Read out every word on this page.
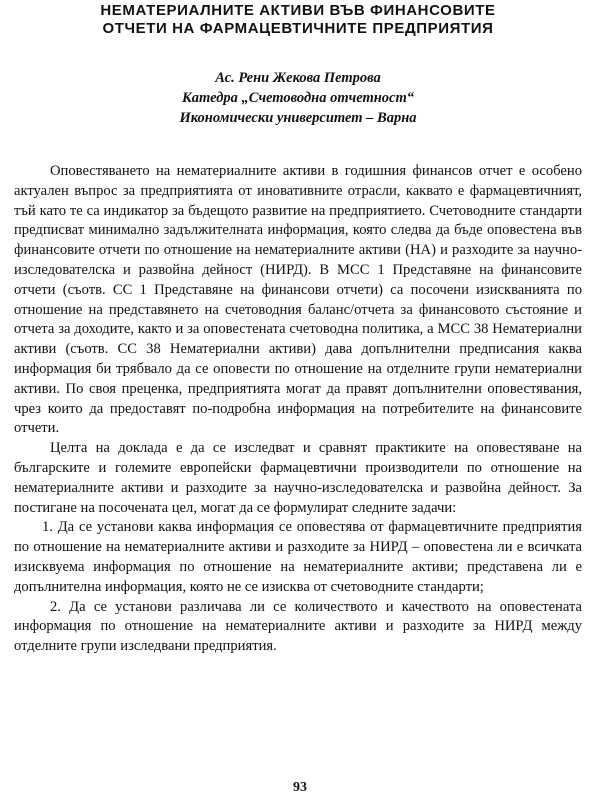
НЕМАТЕРИАЛНИТЕ АКТИВИ ВЪВ ФИНАНСОВИТЕ
ОТЧЕТИ НА ФАРМАЦЕВТИЧНИТЕ ПРЕДПРИЯТИЯ
Ас. Рени Жекова Петрова
Катедра „Счетоводна отчетност“
Икономически университет – Варна

Оповестяването на нематериалните активи в годишния финансов отчет е особено актуален въпрос за предприятията от иновативните отрасли, каквато е фармацевтичният, тъй като те са индикатор за бъдещото развитие на предприятието. Счетоводните стандарти предписват минимално задължителната информация, която следва да бъде оповестена във финансовите отчети по отношение на нематериалните активи (НА) и разходите за научно-изследователска и развойна дейност (НИРД). В МСС 1 Представяне на финансовите отчети (съотв. СС 1 Представяне на финансови отчети) са посочени изискванията по отношение на представянето на счетоводния баланс/отчета за финансовото състояние и отчета за доходите, както и за оповестената счетоводна политика, а МСС 38 Нематериални активи (съотв. СС 38 Нематериални активи) дава допълнителни предписания каква информация би трябвало да се оповести по отношение на отделните групи нематериални активи. По своя преценка, предприятията могат да правят допълнителни оповестявания, чрез които да предоставят по-подробна информация на потребителите на финансовите отчети.

Целта на доклада е да се изследват и сравнят практиките на оповестяване на българските и големите европейски фармацевтични производители по отношение на нематериалните активи и разходите за научно-изследователска и развойна дейност. За постигане на посочената цел, могат да се формулират следните задачи:

1. Да се установи каква информация се оповестява от фармацевтичните предприятия по отношение на нематериалните активи и разходите за НИРД – оповестена ли е всичката изисквуема информация по отношение на нематериалните активи; представена ли е допълнителна информация, която не се изисква от счетоводните стандарти;

2. Да се установи различава ли се количеството и качеството на оповестената информация по отношение на нематериалните активи и разходите за НИРД между отделните групи изследвани предприятия.

93
